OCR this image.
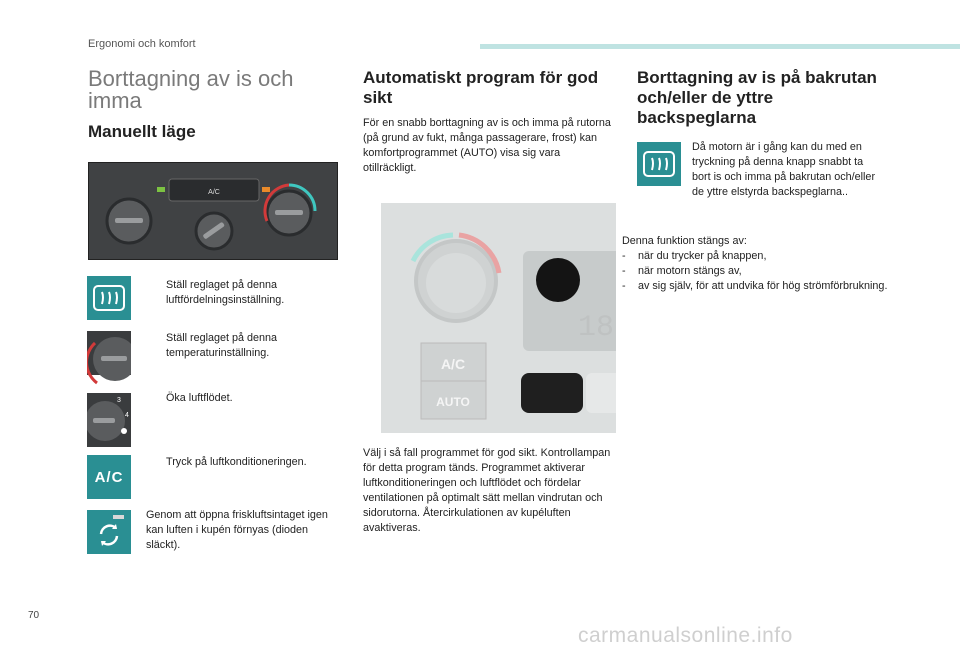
Ergonomi och komfort
70
carmanualsonline.info
Borttagning av is och imma
Manuellt läge
A/C
Ställ reglaget på denna luftfördelningsinställning.
Ställ reglaget på denna temperaturinställning.
3
4
Öka luftflödet.
A/C
Tryck på luftkonditioneringen.
Genom att öppna friskluftsintaget igen kan luften i kupén förnyas (dioden släckt).
Automatiskt program för god sikt
För en snabb borttagning av is och imma på rutorna (på grund av fukt, många passagerare, frost) kan komfortprogrammet (AUTO) visa sig vara otillräckligt.
18
A/C
AUTO
Välj i så fall programmet för god sikt. Kontrollampan för detta program tänds. Programmet aktiverar luftkonditioneringen och luftflödet och fördelar ventilationen på optimalt sätt mellan vindrutan och sidorutorna. Återcirkulationen av kupéluften avaktiveras.
Borttagning av is på bakrutan och/eller de yttre backspeglarna
Då motorn är i gång kan du med en tryckning på denna knapp snabbt ta bort is och imma på bakrutan och/eller de yttre elstyrda backspeglarna..
Denna funktion stängs av:
- när du trycker på knappen,
- när motorn stängs av,
- av sig själv, för att undvika för hög strömförbrukning.
